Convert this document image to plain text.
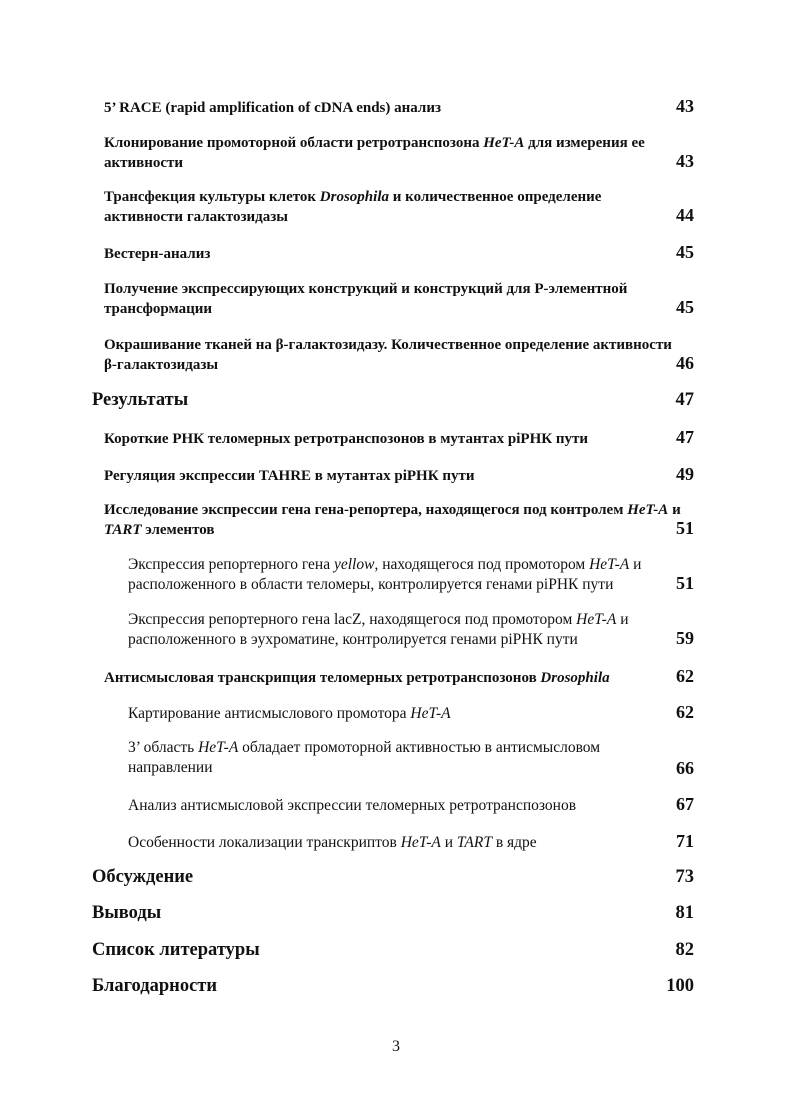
5’ RACE (rapid amplification of cDNA ends) анализ	43
Клонирование промоторной области ретротранспозона HeT-A для измерения ее активности	43
Трансфекция культуры клеток Drosophila и количественное определение активности галактозидазы	44
Вестерн-анализ	45
Получение экспрессирующих конструкций и конструкций для Р-элементной трансформации	45
Окрашивание тканей на β-галактозидазу. Количественное определение активности β-галактозидазы	46
Результаты	47
Короткие РНК теломерных ретротранспозонов в мутантах piРНК пути	47
Регуляция экспрессии TAHRE в мутантах piРНК пути	49
Исследование экспрессии гена гена-репортера, находящегося под контролем HeT-A и TART элементов	51
Экспрессия репортерного гена yellow, находящегося под промотором HeT-A и расположенного в области теломеры, контролируется генами piРНК пути	51
Экспрессия репортерного гена lacZ, находящегося под промотором HeT-A и расположенного в эухроматине, контролируется генами piРНК пути	59
Антисмысловая транскрипция теломерных ретротранспозонов Drosophila	62
Картирование антисмыслового промотора HeT-A	62
3’ область HeT-A обладает промоторной активностью в антисмысловом направлении	66
Анализ антисмысловой экспрессии теломерных ретротранспозонов	67
Особенности локализации транскриптов HeT-A и TART в ядре	71
Обсуждение	73
Выводы	81
Список литературы	82
Благодарности	100
3
